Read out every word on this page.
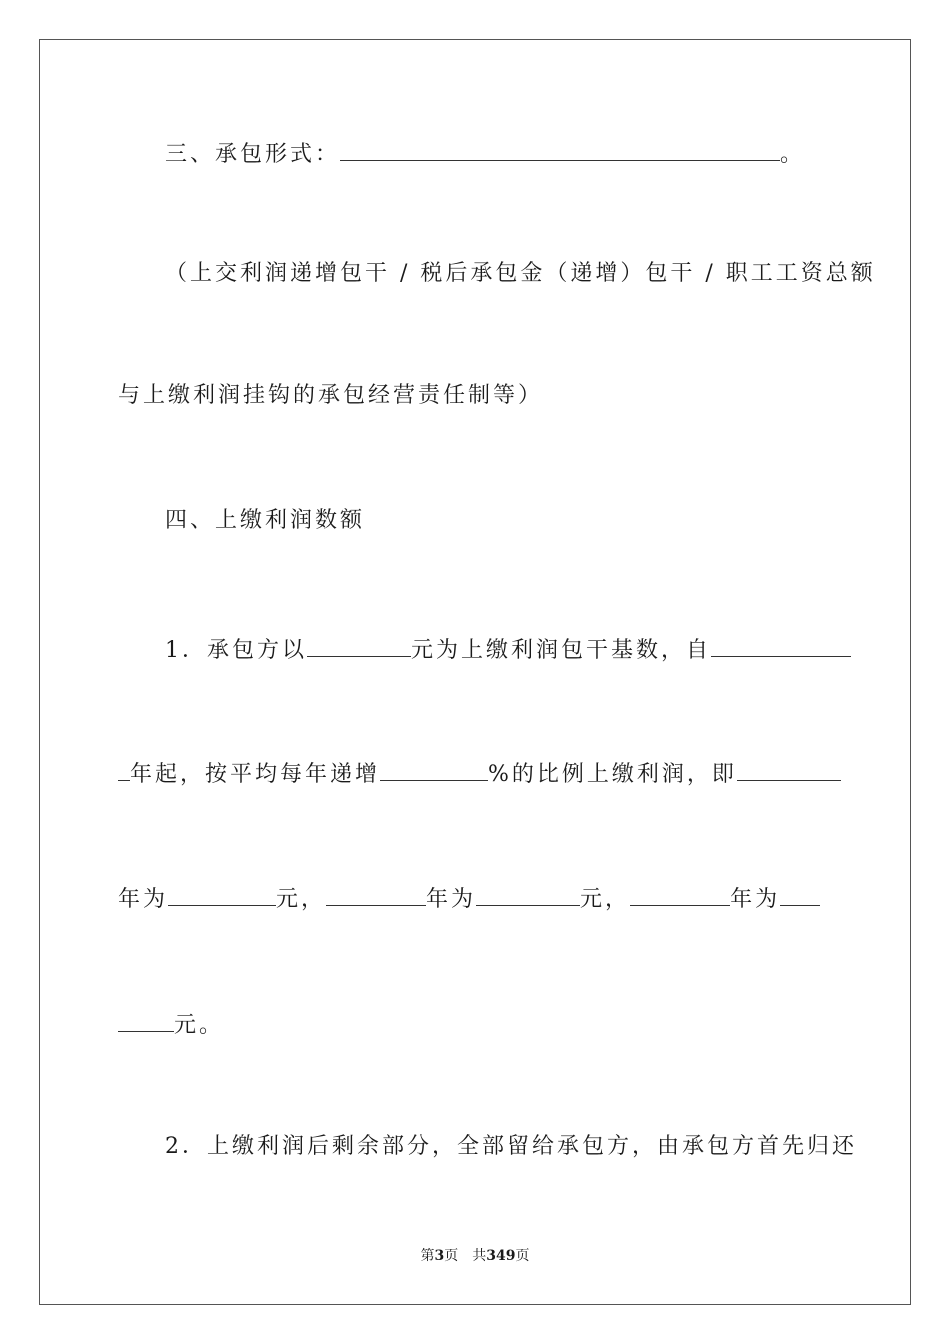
三、承包形式：	。
（上交利润递增包干 / 税后承包金（递增）包干 / 职工工资总额
与上缴利润挂钩的承包经营责任制等）
四、上缴利润数额
1．承包方以	元为上缴利润包干基数，自
年起，按平均每年递增	%的比例上缴利润，即
年为	元，	年为	元，	年为
元。
2．上缴利润后剩余部分，全部留给承包方，由承包方首先归还
第3页　共349页
